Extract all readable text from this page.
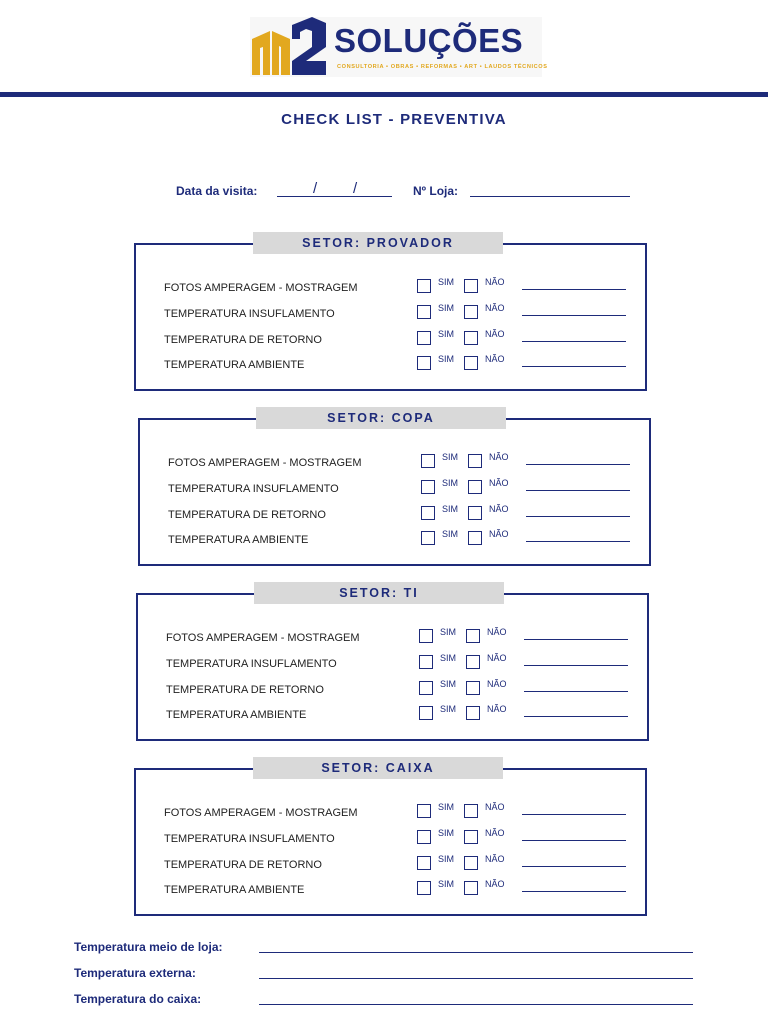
SOLUÇÕES
CONSULTORIA • OBRAS • REFORMAS • ART • LAUDOS TÉCNICOS
CHECK LIST - PREVENTIVA
Data da visita:	/ /	Nº Loja:
FOTOS AMPERAGEM - MOSTRAGEM	SIM	NÃO
TEMPERATURA INSUFLAMENTO	SIM	NÃO
TEMPERATURA DE RETORNO	SIM	NÃO
TEMPERATURA AMBIENTE	SIM	NÃO
SETOR: PROVADOR
FOTOS AMPERAGEM - MOSTRAGEM	SIM	NÃO
TEMPERATURA INSUFLAMENTO	SIM	NÃO
TEMPERATURA DE RETORNO	SIM	NÃO
TEMPERATURA AMBIENTE	SIM	NÃO
SETOR: COPA
FOTOS AMPERAGEM - MOSTRAGEM	SIM	NÃO
TEMPERATURA INSUFLAMENTO	SIM	NÃO
TEMPERATURA DE RETORNO	SIM	NÃO
TEMPERATURA AMBIENTE	SIM	NÃO
SETOR: TI
FOTOS AMPERAGEM - MOSTRAGEM	SIM	NÃO
TEMPERATURA INSUFLAMENTO	SIM	NÃO
TEMPERATURA DE RETORNO	SIM	NÃO
TEMPERATURA AMBIENTE	SIM	NÃO
SETOR: CAIXA
Temperatura meio de loja:
Temperatura externa:
Temperatura do caixa:
